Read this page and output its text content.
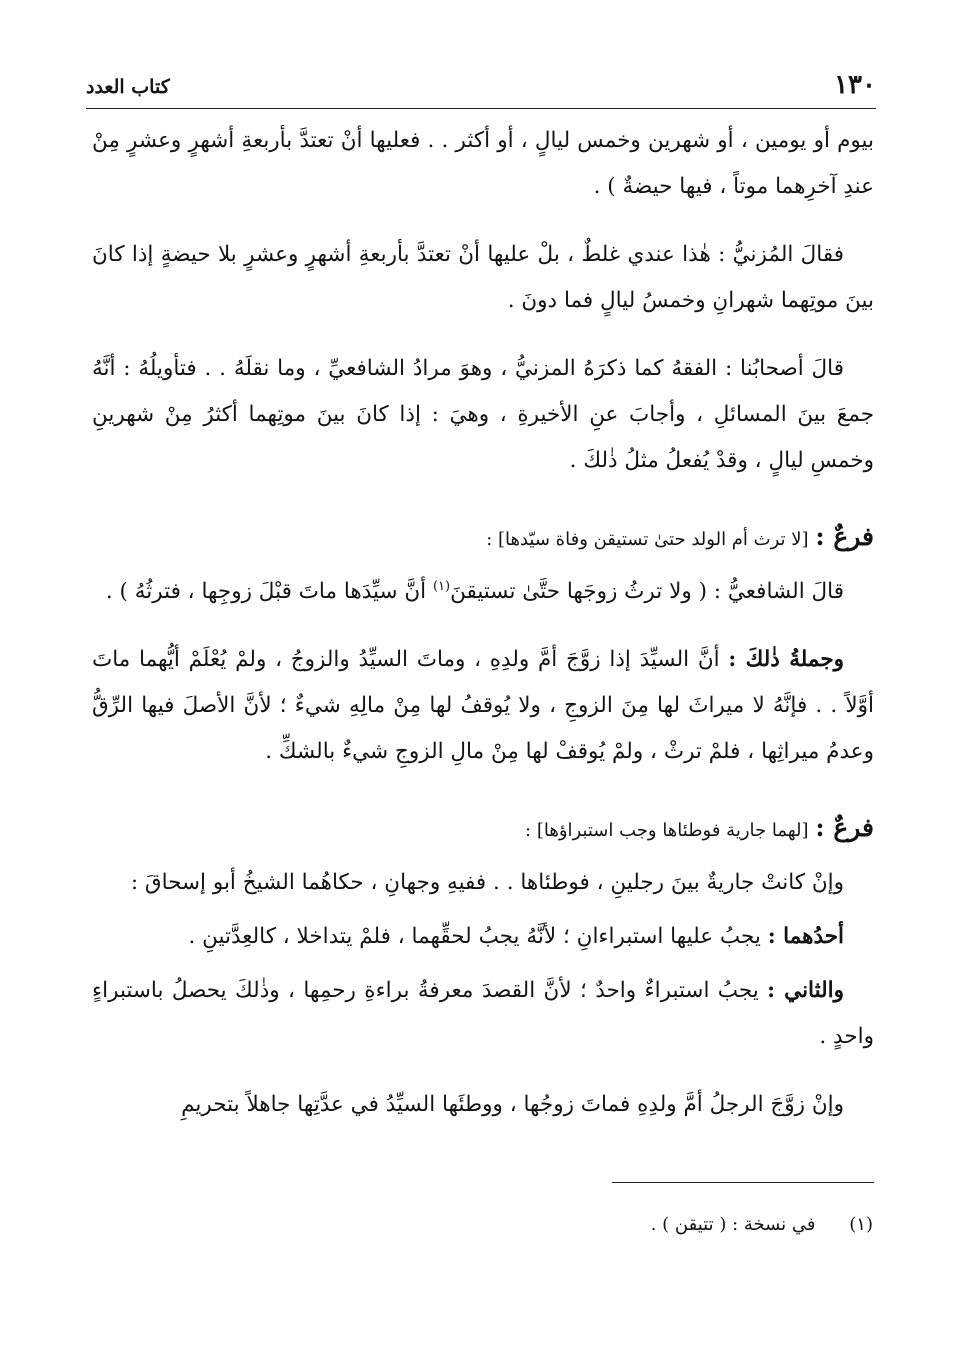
١٣٠
كتاب العدد

بيوم أو يومين ، أو شهرين وخمس ليالٍ ، أو أكثر . . فعليها أنْ تعتدَّ بأربعةِ أشهرٍ وعشرٍ مِنْ عندِ آخرِهما موتاً ، فيها حيضةٌ ) .

فقالَ المُزنيُّ : هٰذا عندي غلطٌ ، بلْ عليها أنْ تعتدَّ بأربعةِ أشهرٍ وعشرٍ بلا حيضةٍ إذا كانَ بينَ موتِهما شهرانِ وخمسُ ليالٍ فما دونَ .

قالَ أصحابُنا : الفقهُ كما ذكرَهُ المزنيُّ ، وهوَ مرادُ الشافعيِّ ، وما نقلَهُ . . فتأويلُهُ : أنَّهُ جمعَ بينَ المسائلِ ، وأجابَ عنِ الأخيرةِ ، وهيَ : إذا كانَ بينَ موتِهما أكثرُ مِنْ شهرينِ وخمسِ ليالٍ ، وقدْ يُفعلُ مثلُ ذٰلكَ .

فرعٌ : [لا ترث أم الولد حتىٰ تستيقن وفاة سيّدها] :

قالَ الشافعيُّ : ( ولا ترثُ زوجَها حتَّىٰ تستيقنَ$^{(١)}$ أنَّ سيِّدَها ماتَ قبْلَ زوجِها ، فترثُهُ ) .

وجملةُ ذٰلكَ : أنَّ السيِّدَ إذا زوَّجَ أمَّ ولدِهِ ، وماتَ السيِّدُ والزوجُ ، ولمْ يُعْلَمْ أيُّهما ماتَ أوَّلاً . . فإنَّهُ لا ميراثَ لها مِنَ الزوجِ ، ولا يُوقفُ لها مِنْ مالِهِ شيءٌ ؛ لأنَّ الأصلَ فيها الرِّقُّ وعدمُ ميراثِها ، فلمْ ترثْ ، ولمْ يُوقفْ لها مِنْ مالِ الزوجِ شيءٌ بالشكِّ .

فرعٌ : [لهما جارية فوطئاها وجب استبراؤها] :

وإنْ كانتْ جاريةٌ بينَ رجلينِ ، فوطئاها . . ففيهِ وجهانِ ، حكاهُما الشيخُ أبو إسحاقَ :

أحدُهما : يجبُ عليها استبراءانِ ؛ لأنَّهُ يجبُ لحقِّهما ، فلمْ يتداخلا ، كالعِدَّتينِ .

والثاني : يجبُ استبراءٌ واحدٌ ؛ لأنَّ القصدَ معرفةُ براءةِ رحمِها ، وذٰلكَ يحصلُ باستبراءٍ واحدٍ .

وإنْ زوَّجَ الرجلُ أمَّ ولدِهِ فماتَ زوجُها ، ووطئَها السيِّدُ في عدَّتِها جاهلاً بتحريمِ

(١) في نسخة : ( تتيقن ) .
